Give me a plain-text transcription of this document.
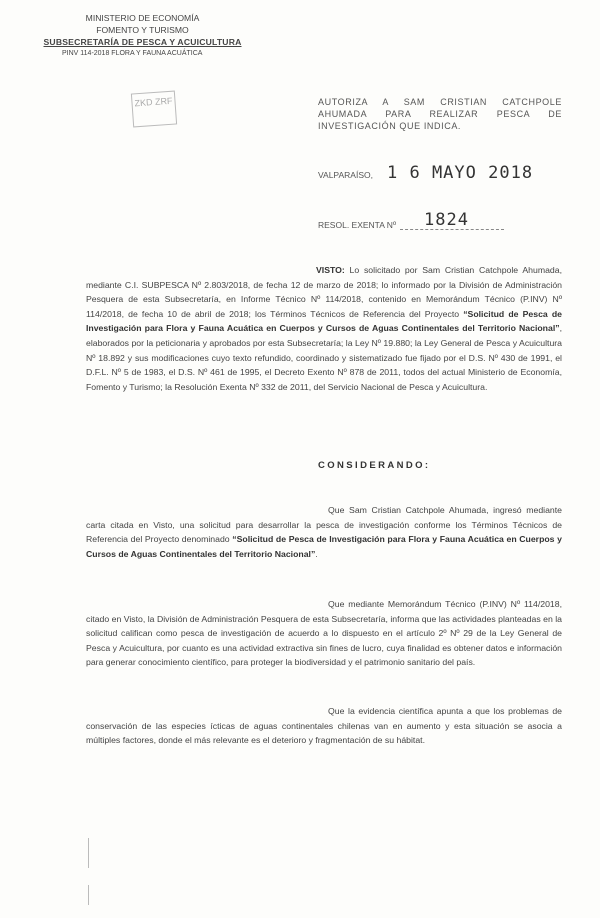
MINISTERIO DE ECONOMÍA
FOMENTO Y TURISMO
SUBSECRETARÍA DE PESCA Y ACUICULTURA
PINV 114-2018 FLORA Y FAUNA ACUÁTICA
ZKD ZRF	AUTORIZA A SAM CRISTIAN CATCHPOLE AHUMADA PARA REALIZAR PESCA DE INVESTIGACIÓN QUE INDICA.
VALPARAÍSO, 1 6 MAYO 2018
RESOL. EXENTA Nº 1824
VISTO: Lo solicitado por Sam Cristian Catchpole Ahumada, mediante C.I. SUBPESCA Nº 2.803/2018, de fecha 12 de marzo de 2018; lo informado por la División de Administración Pesquera de esta Subsecretaría, en Informe Técnico Nº 114/2018, contenido en Memorándum Técnico (P.INV) Nº 114/2018, de fecha 10 de abril de 2018; los Términos Técnicos de Referencia del Proyecto “Solicitud de Pesca de Investigación para Flora y Fauna Acuática en Cuerpos y Cursos de Aguas Continentales del Territorio Nacional”, elaborados por la peticionaria y aprobados por esta Subsecretaría; la Ley Nº 19.880; la Ley General de Pesca y Acuicultura Nº 18.892 y sus modificaciones cuyo texto refundido, coordinado y sistematizado fue fijado por el D.S. Nº 430 de 1991, el D.F.L. Nº 5 de 1983, el D.S. Nº 461 de 1995, el Decreto Exento Nº 878 de 2011, todos del actual Ministerio de Economía, Fomento y Turismo; la Resolución Exenta Nº 332 de 2011, del Servicio Nacional de Pesca y Acuicultura.
CONSIDERANDO:
Que Sam Cristian Catchpole Ahumada, ingresó mediante carta citada en Visto, una solicitud para desarrollar la pesca de investigación conforme los Términos Técnicos de Referencia del Proyecto denominado “Solicitud de Pesca de Investigación para Flora y Fauna Acuática en Cuerpos y Cursos de Aguas Continentales del Territorio Nacional”.
Que mediante Memorándum Técnico (P.INV) Nº 114/2018, citado en Visto, la División de Administración Pesquera de esta Subsecretaría, informa que las actividades planteadas en la solicitud califican como pesca de investigación de acuerdo a lo dispuesto en el artículo 2º Nº 29 de la Ley General de Pesca y Acuicultura, por cuanto es una actividad extractiva sin fines de lucro, cuya finalidad es obtener datos e información para generar conocimiento científico, para proteger la biodiversidad y el patrimonio sanitario del país.
Que la evidencia científica apunta a que los problemas de conservación de las especies ícticas de aguas continentales chilenas van en aumento y esta situación se asocia a múltiples factores, donde el más relevante es el deterioro y fragmentación de su hábitat.
